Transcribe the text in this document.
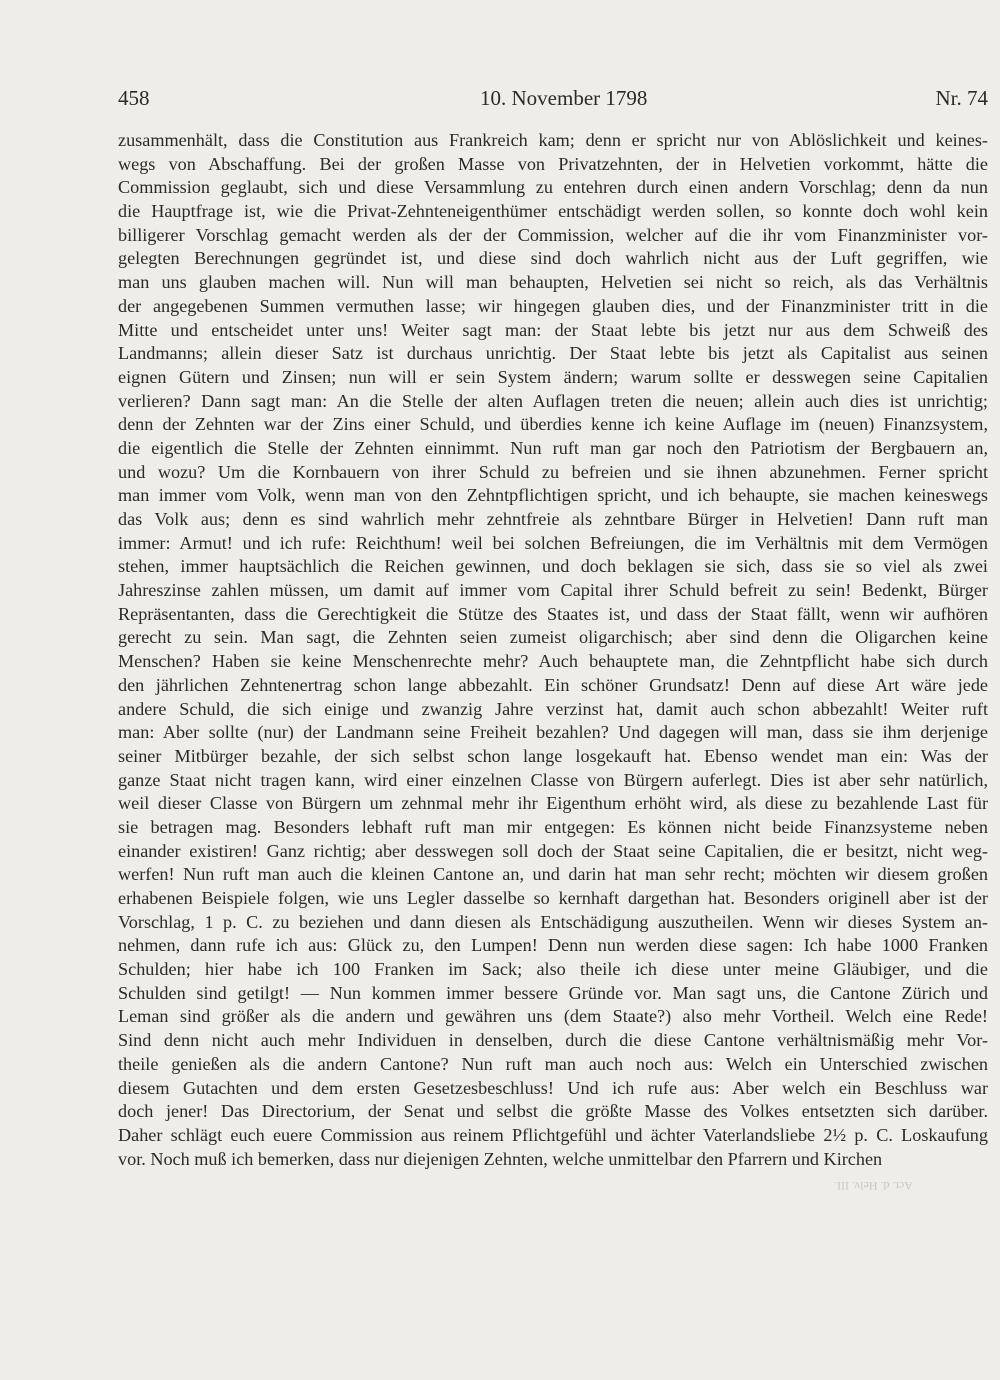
458	10. November 1798	Nr. 74
zusammenhält, dass die Constitution aus Frankreich kam; denn er spricht nur von Ablöslichkeit und keines-
wegs von Abschaffung. Bei der großen Masse von Privatzehnten, der in Helvetien vorkommt, hätte die
Commission geglaubt, sich und diese Versammlung zu entehren durch einen andern Vorschlag; denn da nun
die Hauptfrage ist, wie die Privat-Zehnteneigenthümer entschädigt werden sollen, so konnte doch wohl kein
billigerer Vorschlag gemacht werden als der der Commission, welcher auf die ihr vom Finanzminister vor-
gelegten Berechnungen gegründet ist, und diese sind doch wahrlich nicht aus der Luft gegriffen, wie
man uns glauben machen will. Nun will man behaupten, Helvetien sei nicht so reich, als das Verhältnis
der angegebenen Summen vermuthen lasse; wir hingegen glauben dies, und der Finanzminister tritt in die
Mitte und entscheidet unter uns! Weiter sagt man: der Staat lebte bis jetzt nur aus dem Schweiß des
Landmanns; allein dieser Satz ist durchaus unrichtig. Der Staat lebte bis jetzt als Capitalist aus seinen
eignen Gütern und Zinsen; nun will er sein System ändern; warum sollte er desswegen seine Capitalien
verlieren? Dann sagt man: An die Stelle der alten Auflagen treten die neuen; allein auch dies ist unrichtig;
denn der Zehnten war der Zins einer Schuld, und überdies kenne ich keine Auflage im (neuen) Finanzsystem,
die eigentlich die Stelle der Zehnten einnimmt. Nun ruft man gar noch den Patriotism der Bergbauern an,
und wozu? Um die Kornbauern von ihrer Schuld zu befreien und sie ihnen abzunehmen. Ferner spricht
man immer vom Volk, wenn man von den Zehntpflichtigen spricht, und ich behaupte, sie machen keineswegs
das Volk aus; denn es sind wahrlich mehr zehntfreie als zehntbare Bürger in Helvetien! Dann ruft man
immer: Armut! und ich rufe: Reichthum! weil bei solchen Befreiungen, die im Verhältnis mit dem Vermögen
stehen, immer hauptsächlich die Reichen gewinnen, und doch beklagen sie sich, dass sie so viel als zwei
Jahreszinse zahlen müssen, um damit auf immer vom Capital ihrer Schuld befreit zu sein! Bedenkt, Bürger
Repräsentanten, dass die Gerechtigkeit die Stütze des Staates ist, und dass der Staat fällt, wenn wir aufhören
gerecht zu sein. Man sagt, die Zehnten seien zumeist oligarchisch; aber sind denn die Oligarchen keine
Menschen? Haben sie keine Menschenrechte mehr? Auch behauptete man, die Zehntpflicht habe sich durch
den jährlichen Zehntenertrag schon lange abbezahlt. Ein schöner Grundsatz! Denn auf diese Art wäre jede
andere Schuld, die sich einige und zwanzig Jahre verzinst hat, damit auch schon abbezahlt! Weiter ruft
man: Aber sollte (nur) der Landmann seine Freiheit bezahlen? Und dagegen will man, dass sie ihm derjenige
seiner Mitbürger bezahle, der sich selbst schon lange losgekauft hat. Ebenso wendet man ein: Was der
ganze Staat nicht tragen kann, wird einer einzelnen Classe von Bürgern auferlegt. Dies ist aber sehr natürlich,
weil dieser Classe von Bürgern um zehnmal mehr ihr Eigenthum erhöht wird, als diese zu bezahlende Last für
sie betragen mag. Besonders lebhaft ruft man mir entgegen: Es können nicht beide Finanzsysteme neben
einander existiren! Ganz richtig; aber desswegen soll doch der Staat seine Capitalien, die er besitzt, nicht weg-
werfen! Nun ruft man auch die kleinen Cantone an, und darin hat man sehr recht; möchten wir diesem großen
erhabenen Beispiele folgen, wie uns Legler dasselbe so kernhaft dargethan hat. Besonders originell aber ist der
Vorschlag, 1 p. C. zu beziehen und dann diesen als Entschädigung auszutheilen. Wenn wir dieses System an-
nehmen, dann rufe ich aus: Glück zu, den Lumpen! Denn nun werden diese sagen: Ich habe 1000 Franken
Schulden; hier habe ich 100 Franken im Sack; also theile ich diese unter meine Gläubiger, und die
Schulden sind getilgt! — Nun kommen immer bessere Gründe vor. Man sagt uns, die Cantone Zürich und
Leman sind größer als die andern und gewähren uns (dem Staate?) also mehr Vortheil. Welch eine Rede!
Sind denn nicht auch mehr Individuen in denselben, durch die diese Cantone verhältnismäßig mehr Vor-
theile genießen als die andern Cantone? Nun ruft man auch noch aus: Welch ein Unterschied zwischen
diesem Gutachten und dem ersten Gesetzesbeschluss! Und ich rufe aus: Aber welch ein Beschluss war
doch jener! Das Directorium, der Senat und selbst die größte Masse des Volkes entsetzten sich darüber.
Daher schlägt euch euere Commission aus reinem Pflichtgefühl und ächter Vaterlandsliebe 2½ p. C. Loskaufung
vor. Noch muß ich bemerken, dass nur diejenigen Zehnten, welche unmittelbar den Pfarrern und Kirchen
Act. d. Helv. III.
